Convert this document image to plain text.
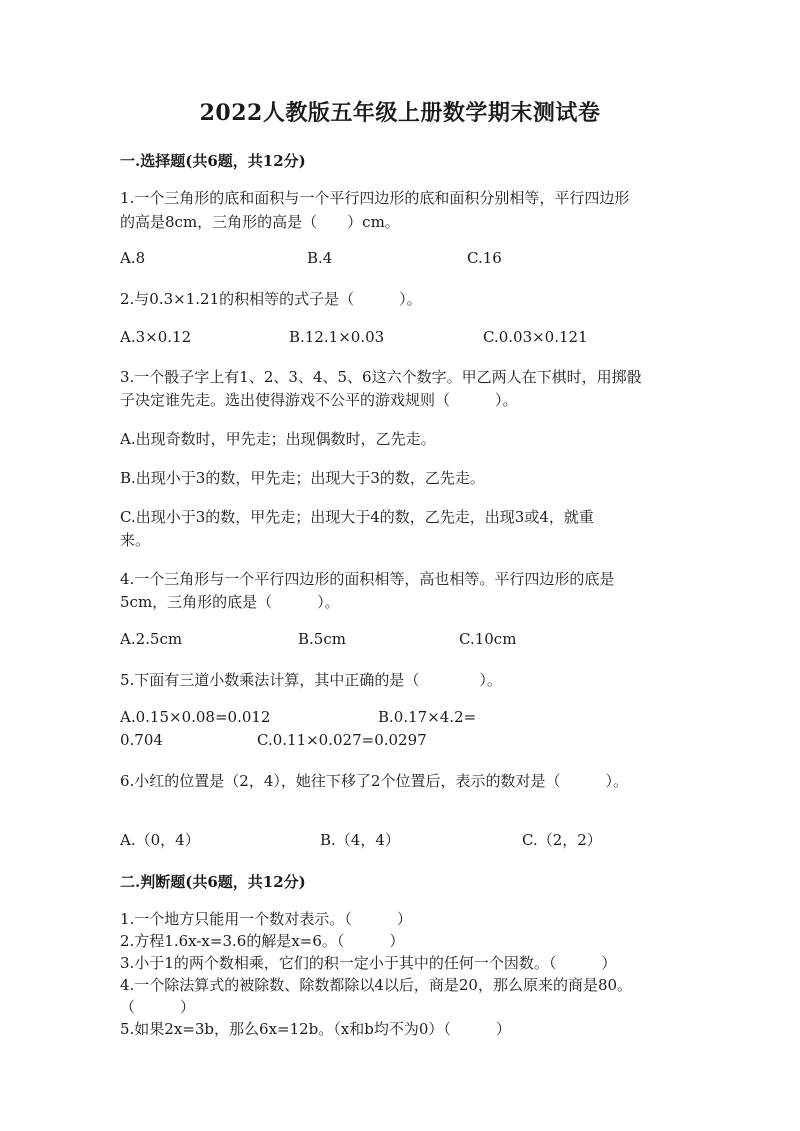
2022人教版五年级上册数学期末测试卷
一.选择题(共6题，共12分)
1.一个三角形的底和面积与一个平行四边形的底和面积分别相等，平行四边形
的高是8cm，三角形的高是（　　）cm。
A.8	B.4	C.16
2.与0.3×1.21的积相等的式子是（　　　）。
A.3×0.12	B.12.1×0.03	C.0.03×0.121
3.一个骰子字上有1、2、3、4、5、6这六个数字。甲乙两人在下棋时，用掷骰
子决定谁先走。选出使得游戏不公平的游戏规则（　　　）。
A.出现奇数时，甲先走；出现偶数时，乙先走。
B.出现小于3的数，甲先走；出现大于3的数，乙先走。
C.出现小于3的数，甲先走；出现大于4的数，乙先走，出现3或4，就重
来。
4.一个三角形与一个平行四边形的面积相等，高也相等。平行四边形的底是
5cm，三角形的底是（　　　）。
A.2.5cm	B.5cm	C.10cm
5.下面有三道小数乘法计算，其中正确的是（　　　　）。
A.0.15×0.08=0.012	B.0.17×4.2=
0.704	C.0.11×0.027=0.0297
6.小红的位置是（2，4），她往下移了2个位置后，表示的数对是（　　　）。
A.（0，4）	B.（4，4）	C.（2，2）
二.判断题(共6题，共12分)
1.一个地方只能用一个数对表示。（　　　）
2.方程1.6x-x=3.6的解是x=6。（　　　）
3.小于1的两个数相乘，它们的积一定小于其中的任何一个因数。（　　　）
4.一个除法算式的被除数、除数都除以4以后，商是20，那么原来的商是80。
（　　　）
5.如果2x=3b，那么6x=12b。（x和b均不为0）（　　　）
